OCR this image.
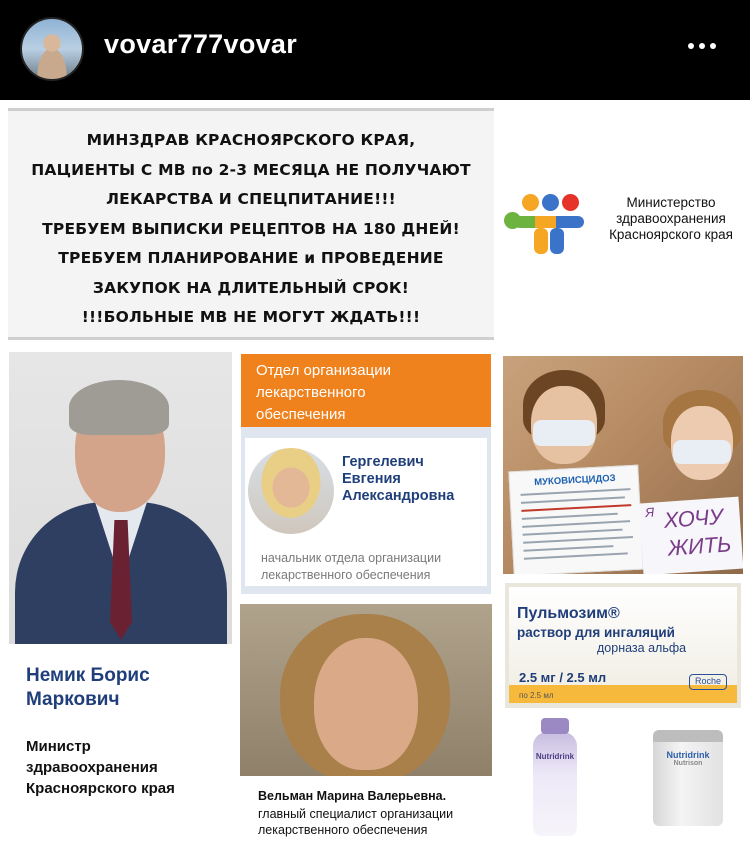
vovar777vovar
МИНЗДРАВ КРАСНОЯРСКОГО КРАЯ,
ПАЦИЕНТЫ С МВ по 2-3 МЕСЯЦА НЕ ПОЛУЧАЮТ
ЛЕКАРСТВА И СПЕЦПИТАНИЕ!!!
ТРЕБУЕМ ВЫПИСКИ РЕЦЕПТОВ НА 180 ДНЕЙ!
ТРЕБУЕМ ПЛАНИРОВАНИЕ и ПРОВЕДЕНИЕ
ЗАКУПОК НА ДЛИТЕЛЬНЫЙ СРОК!
!!!БОЛЬНЫЕ МВ НЕ МОГУТ ЖДАТЬ!!!
Министерство
здравоохранения
Красноярского края
Немик Борис
Маркович
Министр
здравоохранения
Красноярского края
Отдел организации
лекарственного
обеспечения
Гергелевич
Евгения
Александровна
начальник отдела организации
лекарственного обеспечения
Вельман Марина Валерьевна.
главный специалист организации
лекарственного обеспечения
МУКОВИСЦИДОЗ
Я ХОЧУ
ЖИТЬ
Пульмозим®
раствор для ингаляций
дорназа альфа
2.5 мг / 2.5 мл	Roche
по 2.5 мл
Nutridrink	Nutridrink
Nutrison
